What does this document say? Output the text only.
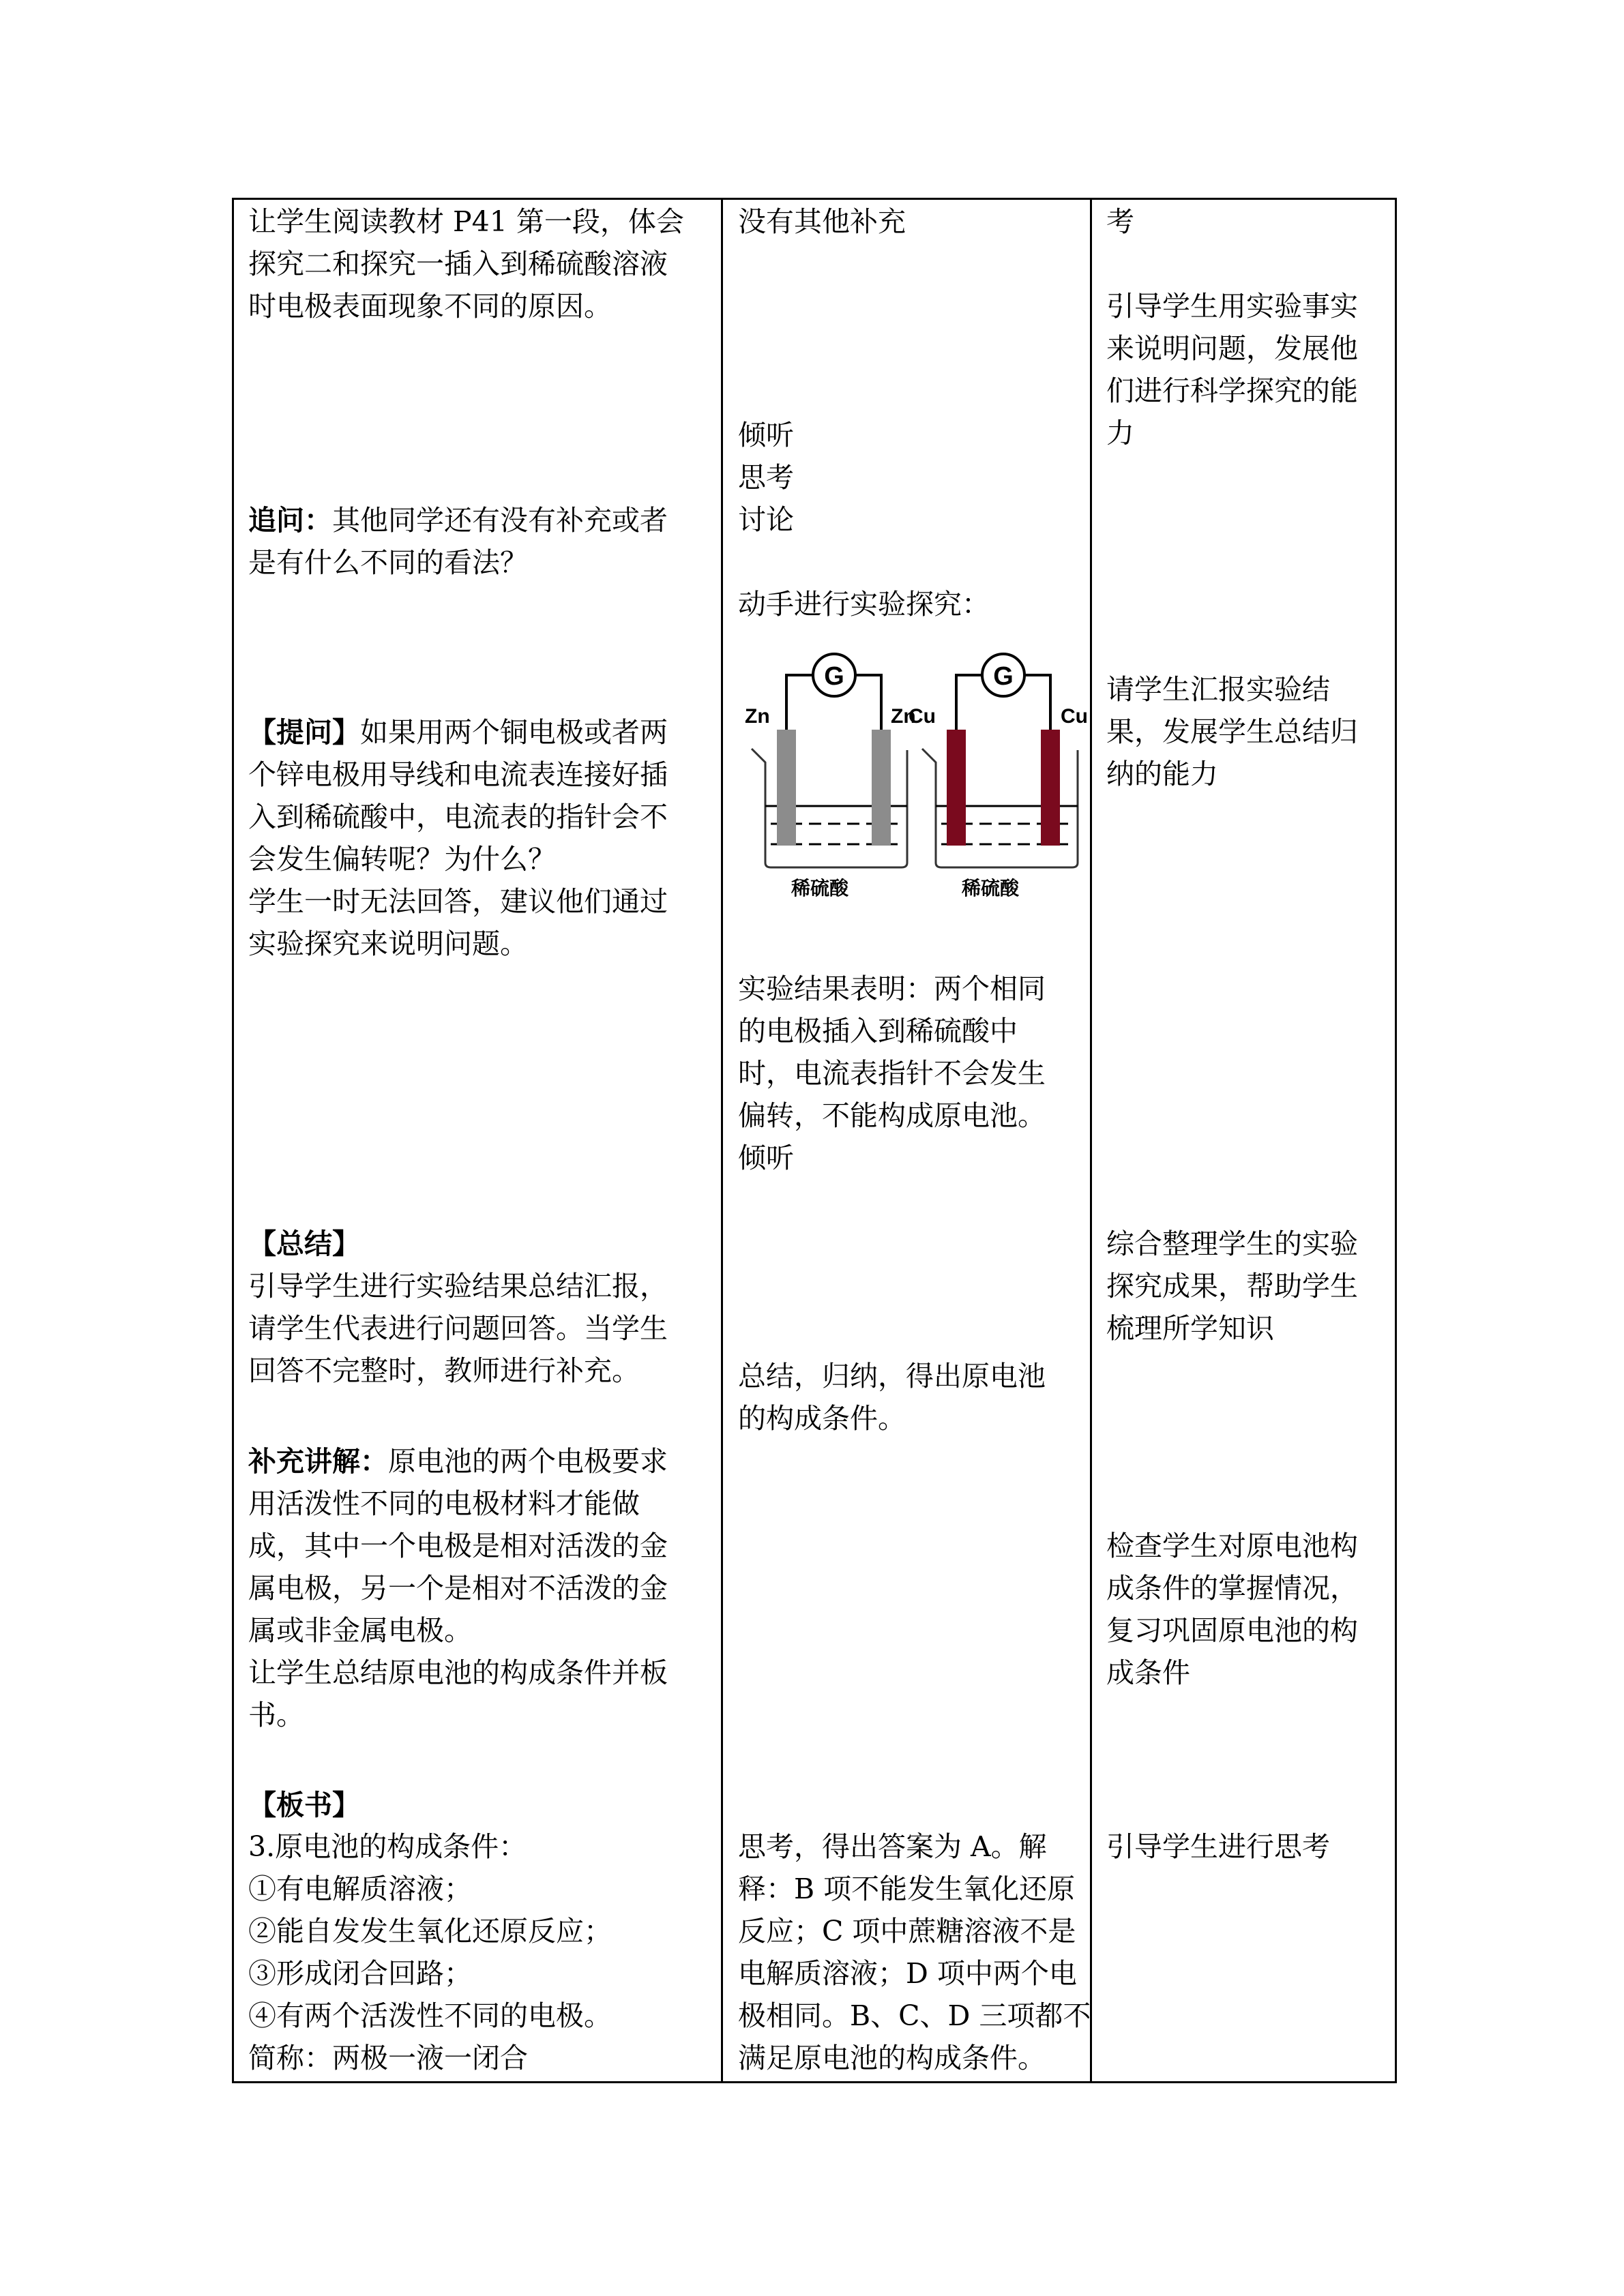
让学生阅读教材 P41 第一段，体会
探究二和探究一插入到稀硫酸溶液
时电极表面现象不同的原因。
追问：其他同学还有没有补充或者
是有什么不同的看法？
【提问】如果用两个铜电极或者两
个锌电极用导线和电流表连接好插
入到稀硫酸中，电流表的指针会不
会发生偏转呢？为什么？
学生一时无法回答，建议他们通过
实验探究来说明问题。
【总结】
引导学生进行实验结果总结汇报，
请学生代表进行问题回答。当学生
回答不完整时，教师进行补充。
补充讲解：原电池的两个电极要求
用活泼性不同的电极材料才能做
成，其中一个电极是相对活泼的金
属电极，另一个是相对不活泼的金
属或非金属电极。
让学生总结原电池的构成条件并板
书。
【板书】
3.原电池的构成条件：
①有电解质溶液；
②能自发发生氧化还原反应；
③形成闭合回路；
④有两个活泼性不同的电极。
简称：两极一液一闭合
没有其他补充
倾听
思考
讨论
动手进行实验探究：
G
Zn	Zn
稀硫酸
G
Cu	Cu
稀硫酸
实验结果表明：两个相同
的电极插入到稀硫酸中
时，电流表指针不会发生
偏转，不能构成原电池。
倾听
总结，归纳，得出原电池
的构成条件。
思考，得出答案为 A。解
释：B 项不能发生氧化还原
反应；C 项中蔗糖溶液不是
电解质溶液；D 项中两个电
极相同。B、C、D 三项都不
满足原电池的构成条件。
考
引导学生用实验事实
来说明问题，发展他
们进行科学探究的能
力
请学生汇报实验结
果，发展学生总结归
纳的能力
综合整理学生的实验
探究成果，帮助学生
梳理所学知识
检查学生对原电池构
成条件的掌握情况，
复习巩固原电池的构
成条件
引导学生进行思考
